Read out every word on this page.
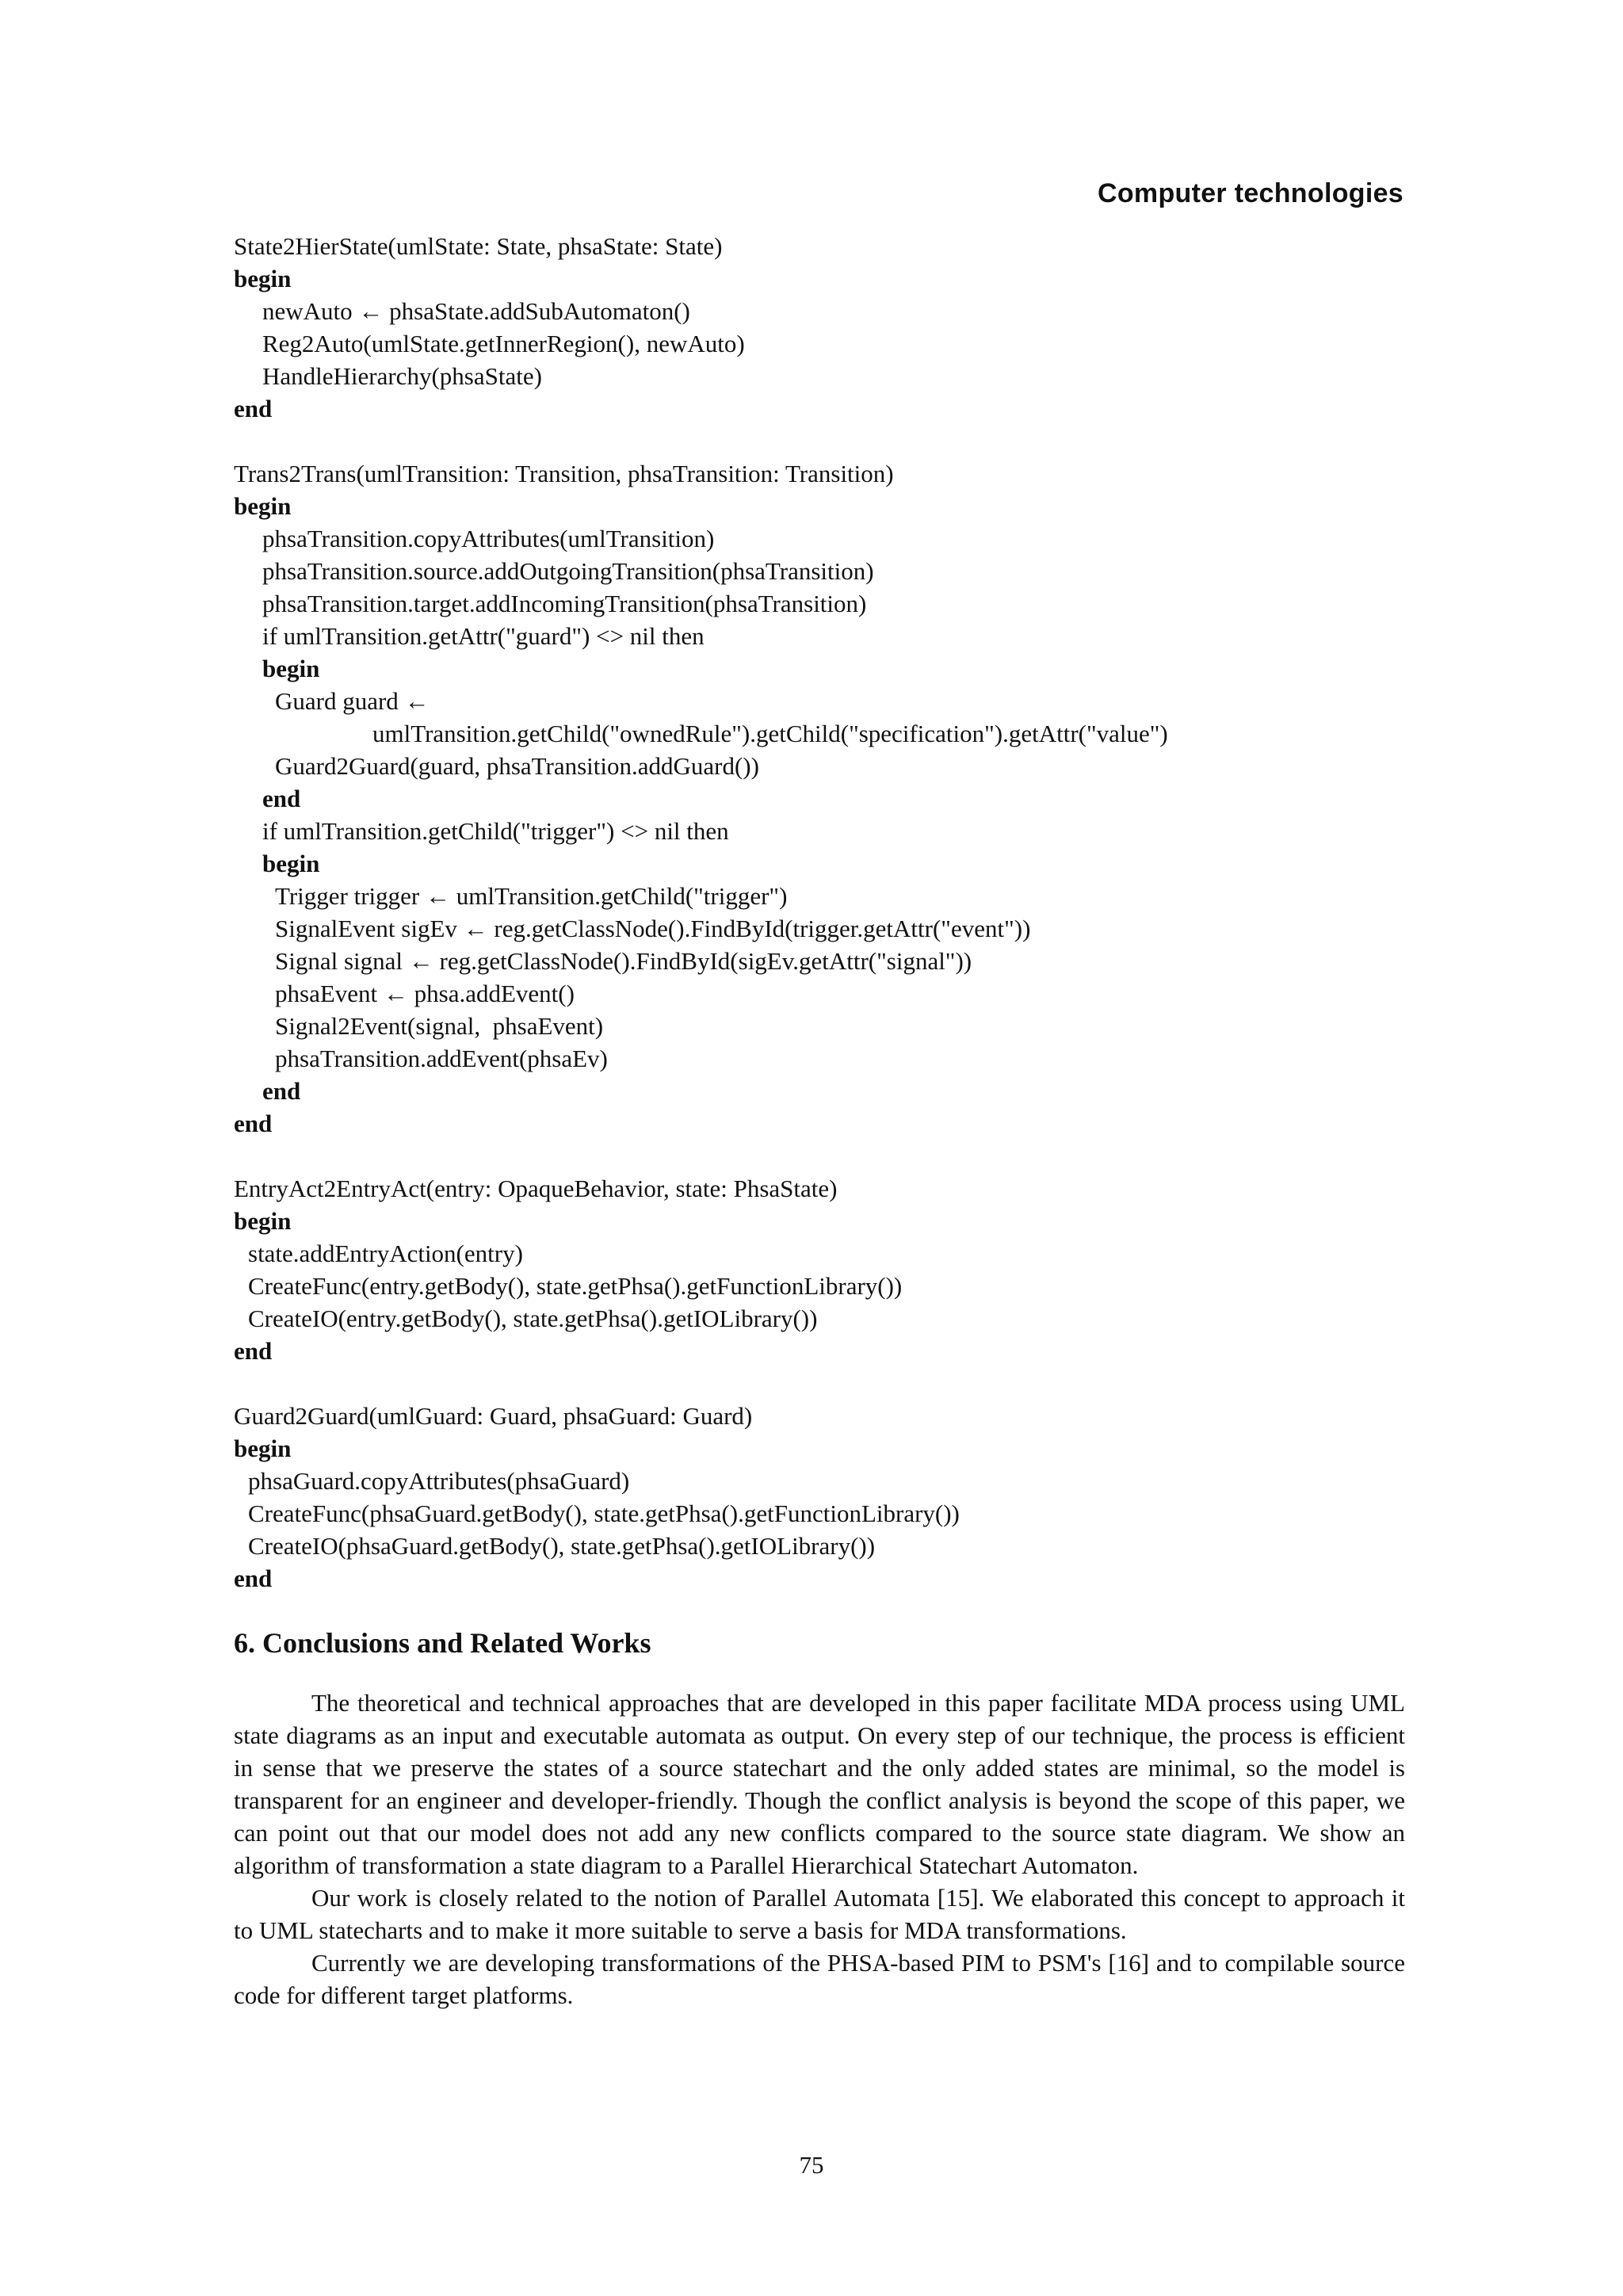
Computer technologies
State2HierState(umlState: State, phsaState: State)
begin
newAuto ← phsaState.addSubAutomaton()
Reg2Auto(umlState.getInnerRegion(), newAuto)
HandleHierarchy(phsaState)
end
Trans2Trans(umlTransition: Transition, phsaTransition: Transition)
begin
phsaTransition.copyAttributes(umlTransition)
phsaTransition.source.addOutgoingTransition(phsaTransition)
phsaTransition.target.addIncomingTransition(phsaTransition)
if umlTransition.getAttr("guard") <> nil then
begin
Guard guard ←
umlTransition.getChild("ownedRule").getChild("specification").getAttr("value")
Guard2Guard(guard, phsaTransition.addGuard())
end
if umlTransition.getChild("trigger") <> nil then
begin
Trigger trigger ← umlTransition.getChild("trigger")
SignalEvent sigEv ← reg.getClassNode().FindById(trigger.getAttr("event"))
Signal signal ← reg.getClassNode().FindById(sigEv.getAttr("signal"))
phsaEvent ← phsa.addEvent()
Signal2Event(signal,  phsaEvent)
phsaTransition.addEvent(phsaEv)
end
end
EntryAct2EntryAct(entry: OpaqueBehavior, state: PhsaState)
begin
state.addEntryAction(entry)
CreateFunc(entry.getBody(), state.getPhsa().getFunctionLibrary())
CreateIO(entry.getBody(), state.getPhsa().getIOLibrary())
end
Guard2Guard(umlGuard: Guard, phsaGuard: Guard)
begin
phsaGuard.copyAttributes(phsaGuard)
CreateFunc(phsaGuard.getBody(), state.getPhsa().getFunctionLibrary())
CreateIO(phsaGuard.getBody(), state.getPhsa().getIOLibrary())
end
6. Conclusions and Related Works

The theoretical and technical approaches that are developed in this paper facilitate MDA process using UML state diagrams as an input and executable automata as output. On every step of our technique, the process is efficient in sense that we preserve the states of a source statechart and the only added states are minimal, so the model is transparent for an engineer and developer-friendly. Though the conflict analysis is beyond the scope of this paper, we can point out that our model does not add any new conflicts compared to the source state diagram. We show an algorithm of transformation a state diagram to a Parallel Hierarchical Statechart Automaton.

Our work is closely related to the notion of Parallel Automata [15]. We elaborated this concept to approach it to UML statecharts and to make it more suitable to serve a basis for MDA transformations.

Currently we are developing transformations of the PHSA-based PIM to PSM's [16] and to compilable source code for different target platforms.

75
